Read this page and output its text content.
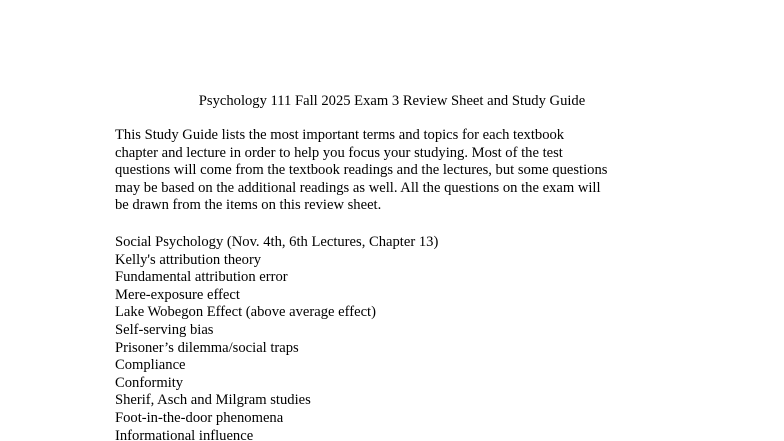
Psychology 111 Fall 2025 Exam 3 Review Sheet and Study Guide
This Study Guide lists the most important terms and topics for each textbook
chapter and lecture in order to help you focus your studying. Most of the test
questions will come from the textbook readings and the lectures, but some questions
may be based on the additional readings as well. All the questions on the exam will
be drawn from the items on this review sheet.
Social Psychology (Nov. 4th, 6th Lectures, Chapter 13)
Kelly's attribution theory
Fundamental attribution error
Mere-exposure effect
Lake Wobegon Effect (above average effect)
Self-serving bias
Prisoner’s dilemma/social traps
Compliance
Conformity
Sherif, Asch and Milgram studies
Foot-in-the-door phenomena
Informational influence
